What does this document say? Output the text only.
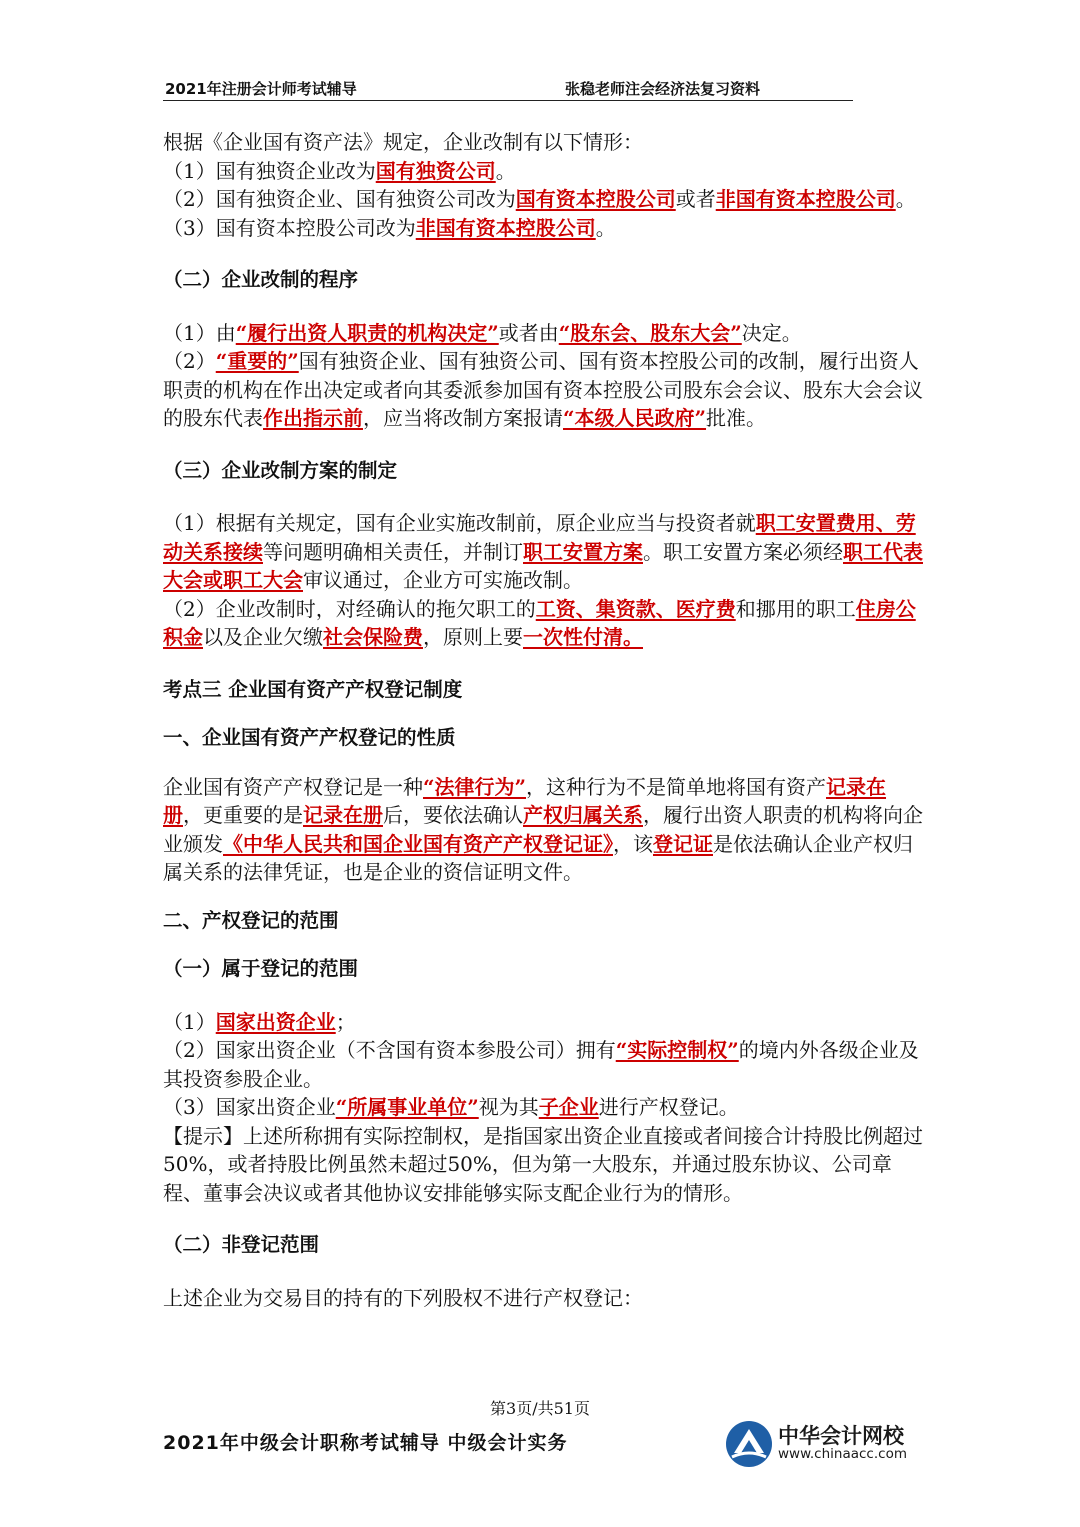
2021年注册会计师考试辅导	张稳老师注会经济法复习资料

根据《企业国有资产法》规定，企业改制有以下情形：

（1）国有独资企业改为国有独资公司。

（2）国有独资企业、国有独资公司改为国有资本控股公司或者非国有资本控股公司。

（3）国有资本控股公司改为非国有资本控股公司。

（二）企业改制的程序

（1）由“履行出资人职责的机构决定”或者由“股东会、股东大会”决定。

（2）“重要的”国有独资企业、国有独资公司、国有资本控股公司的改制，履行出资人职责的机构在作出决定或者向其委派参加国有资本控股公司股东会会议、股东大会会议的股东代表作出指示前，应当将改制方案报请“本级人民政府”批准。

（三）企业改制方案的制定

（1）根据有关规定，国有企业实施改制前，原企业应当与投资者就职工安置费用、劳动关系接续等问题明确相关责任，并制订职工安置方案。职工安置方案必须经职工代表大会或职工大会审议通过，企业方可实施改制。

（2）企业改制时，对经确认的拖欠职工的工资、集资款、医疗费和挪用的职工住房公积金以及企业欠缴社会保险费，原则上要一次性付清。

考点三 企业国有资产产权登记制度

一、企业国有资产产权登记的性质

企业国有资产产权登记是一种“法律行为”，这种行为不是简单地将国有资产记录在册，更重要的是记录在册后，要依法确认产权归属关系，履行出资人职责的机构将向企业颁发《中华人民共和国企业国有资产产权登记证》，该登记证是依法确认企业产权归属关系的法律凭证，也是企业的资信证明文件。

二、产权登记的范围

（一）属于登记的范围

（1）国家出资企业；

（2）国家出资企业（不含国有资本参股公司）拥有“实际控制权”的境内外各级企业及其投资参股企业。

（3）国家出资企业“所属事业单位”视为其子企业进行产权登记。

【提示】上述所称拥有实际控制权，是指国家出资企业直接或者间接合计持股比例超过50%，或者持股比例虽然未超过50%，但为第一大股东，并通过股东协议、公司章程、董事会决议或者其他协议安排能够实际支配企业行为的情形。

（二）非登记范围

上述企业为交易目的持有的下列股权不进行产权登记：

第3页/共51页
2021年中级会计职称考试辅导 中级会计实务	中华会计网校
www.chinaacc.com
